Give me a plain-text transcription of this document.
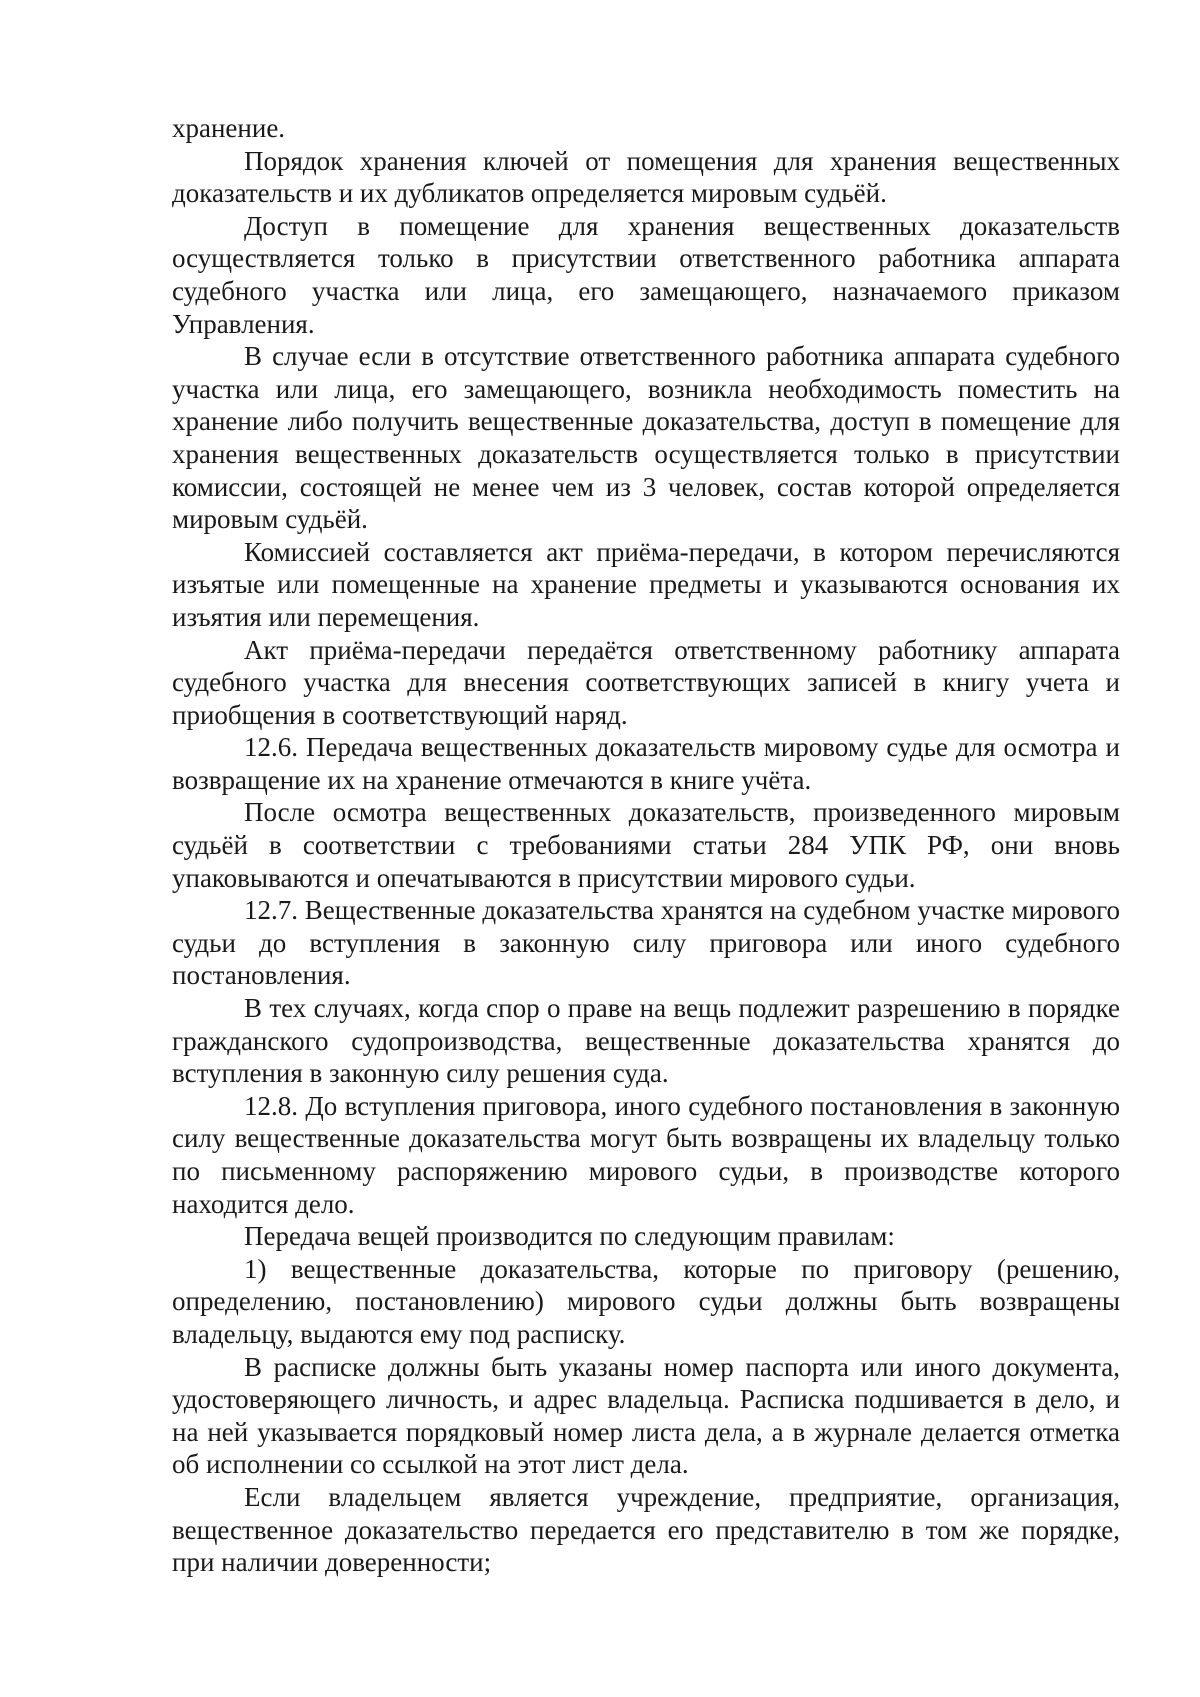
хранение.

Порядок хранения ключей от помещения для хранения вещественных доказательств и их дубликатов определяется мировым судьёй.

Доступ в помещение для хранения вещественных доказательств осуществляется только в присутствии ответственного работника аппарата судебного участка или лица, его замещающего, назначаемого приказом Управления.

В случае если в отсутствие ответственного работника аппарата судебного участка или лица, его замещающего, возникла необходимость поместить на хранение либо получить вещественные доказательства, доступ в помещение для хранения вещественных доказательств осуществляется только в присутствии комиссии, состоящей не менее чем из 3 человек, состав которой определяется мировым судьёй.

Комиссией составляется акт приёма-передачи, в котором перечисляются изъятые или помещенные на хранение предметы и указываются основания их изъятия или перемещения.

Акт приёма-передачи передаётся ответственному работнику аппарата судебного участка для внесения соответствующих записей в книгу учета и приобщения в соответствующий наряд.

12.6. Передача вещественных доказательств мировому судье для осмотра и возвращение их на хранение отмечаются в книге учёта.

После осмотра вещественных доказательств, произведенного мировым судьёй в соответствии с требованиями статьи 284 УПК РФ, они вновь упаковываются и опечатываются в присутствии мирового судьи.

12.7. Вещественные доказательства хранятся на судебном участке мирового судьи до вступления в законную силу приговора или иного судебного постановления.

В тех случаях, когда спор о праве на вещь подлежит разрешению в порядке гражданского судопроизводства, вещественные доказательства хранятся до вступления в законную силу решения суда.

12.8. До вступления приговора, иного судебного постановления в законную силу вещественные доказательства могут быть возвращены их владельцу только по письменному распоряжению мирового судьи, в производстве которого находится дело.

Передача вещей производится по следующим правилам:

1) вещественные доказательства, которые по приговору (решению, определению, постановлению) мирового судьи должны быть возвращены владельцу, выдаются ему под расписку.

В расписке должны быть указаны номер паспорта или иного документа, удостоверяющего личность, и адрес владельца. Расписка подшивается в дело, и на ней указывается порядковый номер листа дела, а в журнале делается отметка об исполнении со ссылкой на этот лист дела.

Если владельцем является учреждение, предприятие, организация, вещественное доказательство передается его представителю в том же порядке, при наличии доверенности;
